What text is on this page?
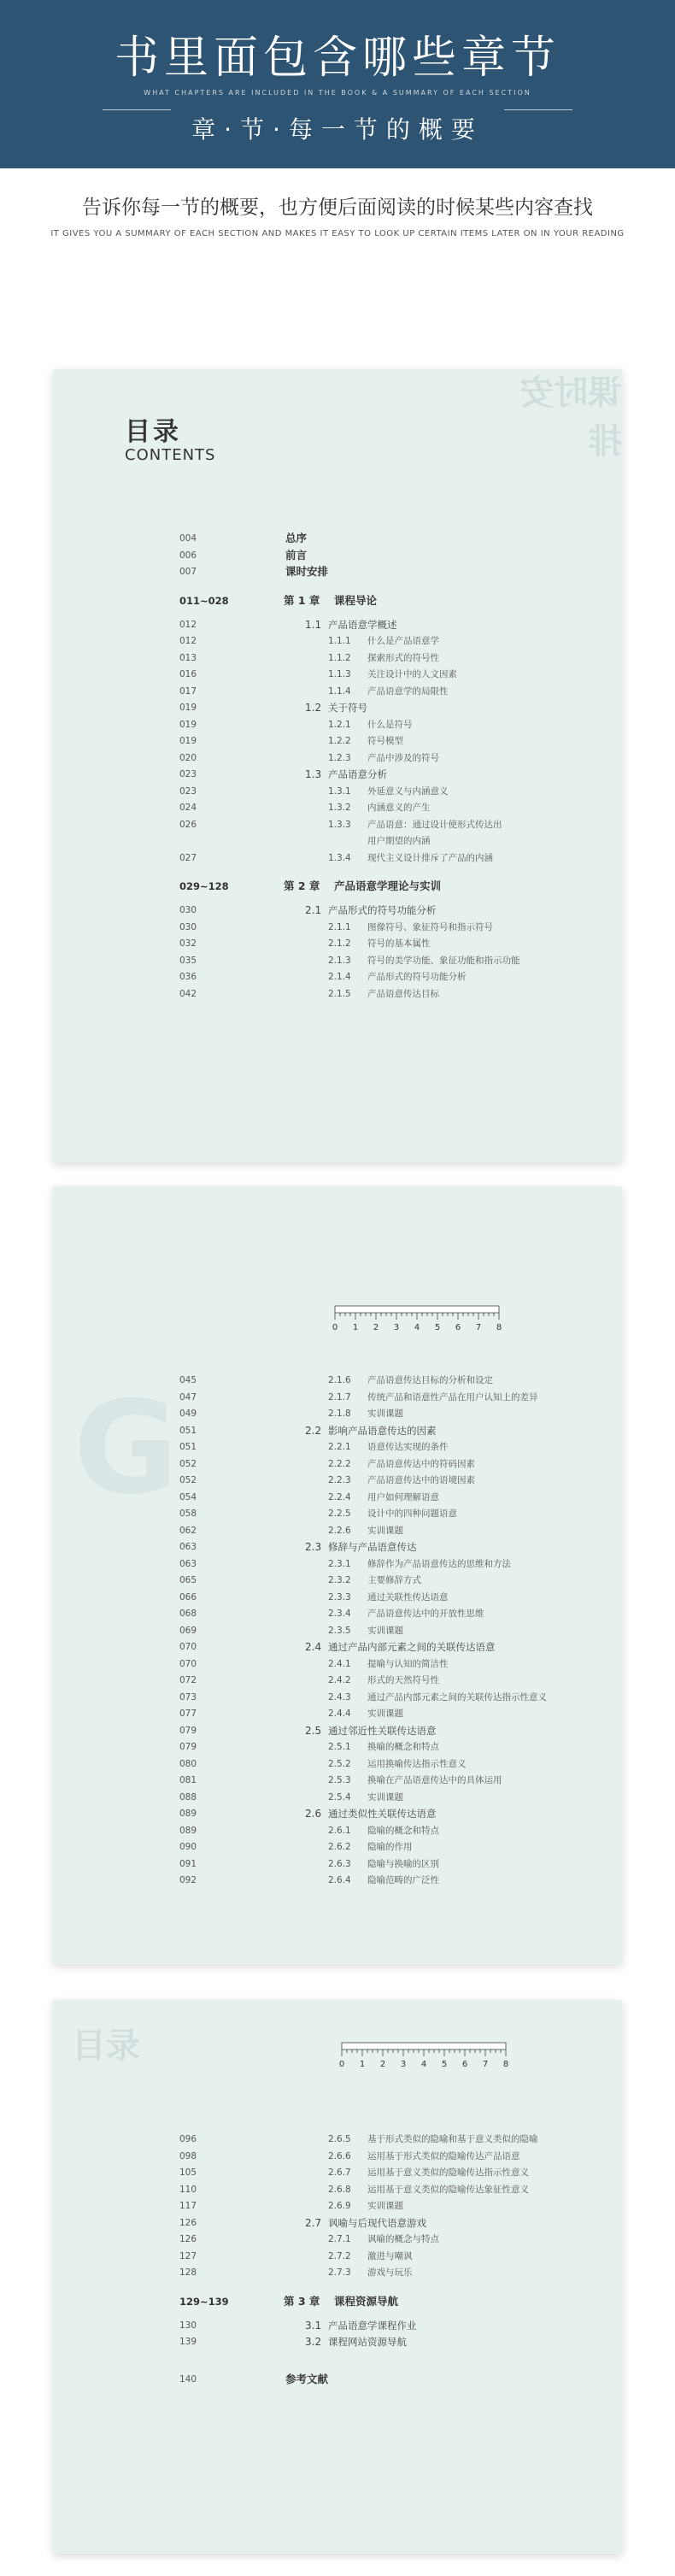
书里面包含哪些章节
WHAT CHAPTERS ARE INCLUDED IN THE BOOK & A SUMMARY OF EACH SECTION
章·节·每一节的概要
告诉你每一节的概要，也方便后面阅读的时候某些内容查找
IT GIVES YOU A SUMMARY OF EACH SECTION AND MAKES IT EASY TO LOOK UP CERTAIN ITEMS LATER ON IN YOUR READING
课时安排
目录
CONTENTS
004	总序
006	前言
007	课时安排
011~028	第 1 章 课程导论
012	1.1 产品语意学概述
012	1.1.1 什么是产品语意学
013	1.1.2 探索形式的符号性
016	1.1.3 关注设计中的人文因素
017	1.1.4 产品语意学的局限性
019	1.2 关于符号
019	1.2.1 什么是符号
019	1.2.2 符号模型
020	1.2.3 产品中涉及的符号
023	1.3 产品语意分析
023	1.3.1 外延意义与内涵意义
024	1.3.2 内涵意义的产生
026	1.3.3 产品语意：通过设计使形式传达出
用户期望的内涵
027	1.3.4 现代主义设计排斥了产品的内涵
029~128	第 2 章 产品语意学理论与实训
030	2.1 产品形式的符号功能分析
030	2.1.1 图像符号、象征符号和指示符号
032	2.1.2 符号的基本属性
035	2.1.3 符号的美学功能、象征功能和指示功能
036	2.1.4 产品形式的符号功能分析
042	2.1.5 产品语意传达目标
G
0 1 2 3 4 5 6 7 8
045	2.1.6 产品语意传达目标的分析和设定
047	2.1.7 传统产品和语意性产品在用户认知上的差异
049	2.1.8 实训课题
051	2.2 影响产品语意传达的因素
051	2.2.1 语意传达实现的条件
052	2.2.2 产品语意传达中的符码因素
052	2.2.3 产品语意传达中的语境因素
054	2.2.4 用户如何理解语意
058	2.2.5 设计中的四种问题语意
062	2.2.6 实训课题
063	2.3 修辞与产品语意传达
063	2.3.1 修辞作为产品语意传达的思维和方法
065	2.3.2 主要修辞方式
066	2.3.3 通过关联性传达语意
068	2.3.4 产品语意传达中的开放性思维
069	2.3.5 实训课题
070	2.4 通过产品内部元素之间的关联传达语意
070	2.4.1 提喻与认知的简洁性
072	2.4.2 形式的天然符号性
073	2.4.3 通过产品内部元素之间的关联传达指示性意义
077	2.4.4 实训课题
079	2.5 通过邻近性关联传达语意
079	2.5.1 换喻的概念和特点
080	2.5.2 运用换喻传达指示性意义
081	2.5.3 换喻在产品语意传达中的具体运用
088	2.5.4 实训课题
089	2.6 通过类似性关联传达语意
089	2.6.1 隐喻的概念和特点
090	2.6.2 隐喻的作用
091	2.6.3 隐喻与换喻的区别
092	2.6.4 隐喻范畴的广泛性
目录	0 1 2 3 4 5 6 7 8
096	2.6.5 基于形式类似的隐喻和基于意义类似的隐喻
098	2.6.6 运用基于形式类似的隐喻传达产品语意
105	2.6.7 运用基于意义类似的隐喻传达指示性意义
110	2.6.8 运用基于意义类似的隐喻传达象征性意义
117	2.6.9 实训课题
126	2.7 讽喻与后现代语意游戏
126	2.7.1 讽喻的概念与特点
127	2.7.2 激进与嘲讽
128	2.7.3 游戏与玩乐
129~139	第 3 章 课程资源导航
130	3.1 产品语意学课程作业
139	3.2 课程网站资源导航
140	参考文献
